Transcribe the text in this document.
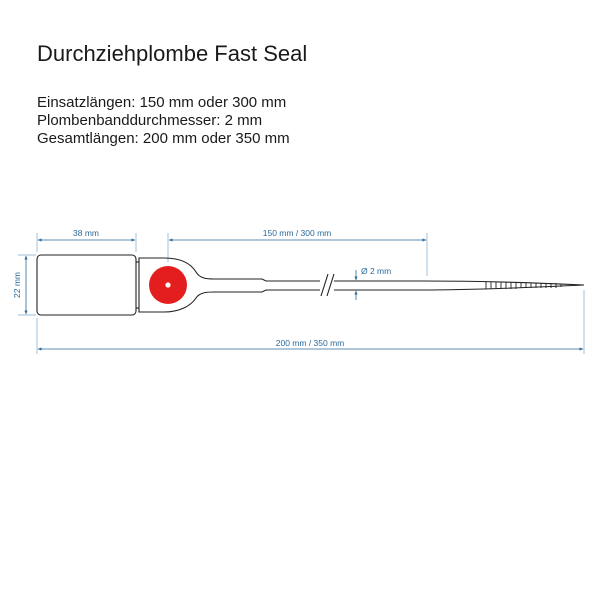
Durchziehplombe Fast Seal
Einsatzlängen: 150 mm oder 300 mm
Plombenbanddurchmesser: 2 mm
Gesamtlängen: 200 mm oder 350 mm
38 mm	150 mm / 300 mm
22 mm
Ø 2 mm
200 mm / 350 mm
